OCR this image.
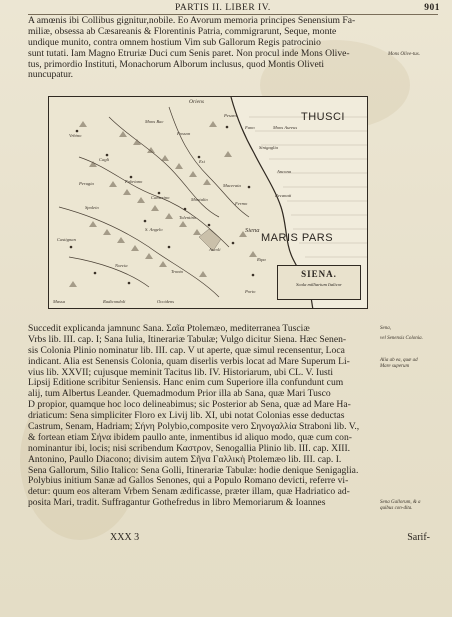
PARTIS II. LIBER IV.	901
A amœnis ibi Collibus gignitur,nobile. Eo Avorum memoria principes Senensium Fa-
miliæ, obsessa ab Cæsareanis & Florentinis Patria, commigrarunt, Seque, monte
undique munito, contra omnem hostium Vim sub Gallorum Regis patrocinio
sunt tutati. Iam Magno Etruriæ Duci cum Senis paret. Non procul inde Mons Olive-
tus, primordio Instituti, Monachorum Alborum inclusus, quod Montis Oliveti
nuncupatur.
Mons Olive-tus.
Oriens
Pesaro
Fano	Mons Aureus
Vrbino
Mons Bac
Fosson
Cagli
Sinigaglia
Ancona
Esi
Camerino
Fabriano
Siena
Fermo
Ascoli
Macerata
Tolentino
Montalto
Ripa
Porto
S. Angelo
Norcia
Perugia
Spoleto
Tronto
Recanati
Castignan
Radicondoli	Occidens
Massa
THUSCI
MARIS PARS
SIENA.
Scala milliarium Italicor
Succedit explicanda jamnunc Sana. Σαῖα Ptolemæo, mediterranea Tusciæ
Vrbs lib. III. cap. I; Sana Iulia, Itinerariæ Tabulæ; Vulgo dicitur Siena. Hæc Senen-
sis Colonia Plinio nominatur lib. III. cap. V ut aperte, quæ simul recensentur, Loca
indicant. Alia est Senensis Colonia, quam diserlis verbis locat ad Mare Superum Li-
vius lib. XXVII; cujusque meminit Tacitus lib. IV. Historiarum, ubi CL. V. Iusti
Lipsij Editione scribitur Seniensis. Hanc enim cum Superiore illa confundunt cum
alij, tum Albertus Leander. Quemadmodum Prior illa ab Sana, quæ Mari Tusco
D propior, quamque hoc loco delineabimus; sic Posterior ab Sena, quæ ad Mare Ha-
driaticum: Sena simpliciter Floro ex Livij lib. XI, ubi notat Colonias esse deductas
Castrum, Senam, Hadriam; Σήνη Polybio,composite vero Σηνογαλλία Straboni lib. V.,
& fortean etiam Σήνα ibidem paullo ante, inmentibus id aliquo modo, quæ cum con-
nominantur ibi, locis; nisi scribendum Καστρον, Senogallia Plinio lib. III. cap. XIII.
Antonino, Paullo Diacono; divisim autem Σῆνα Γαλλικὴ Ptolemæo lib. III. cap. I.
Sena Gallorum, Silio Italico: Sena Golli, Itinerariæ Tabulæ: hodie denique Senigaglia.
Polybius initium Sanæ ad Gallos Senones, qui a Populo Romano devicti, referre vi-
detur: quum eos alteram Vrbem Senam ædificasse, præter illam, quæ Hadriatico ad-
posita Mari, tradit. Suffragantur Gothefredus in libro Memoriarum & Ioannes
Sena,
vel Senensis Colonia.
Alia ab ea, quæ ad Mare superum
Sena Gallorum, & a quibus con-dita.
XXX 3	Sarif-
